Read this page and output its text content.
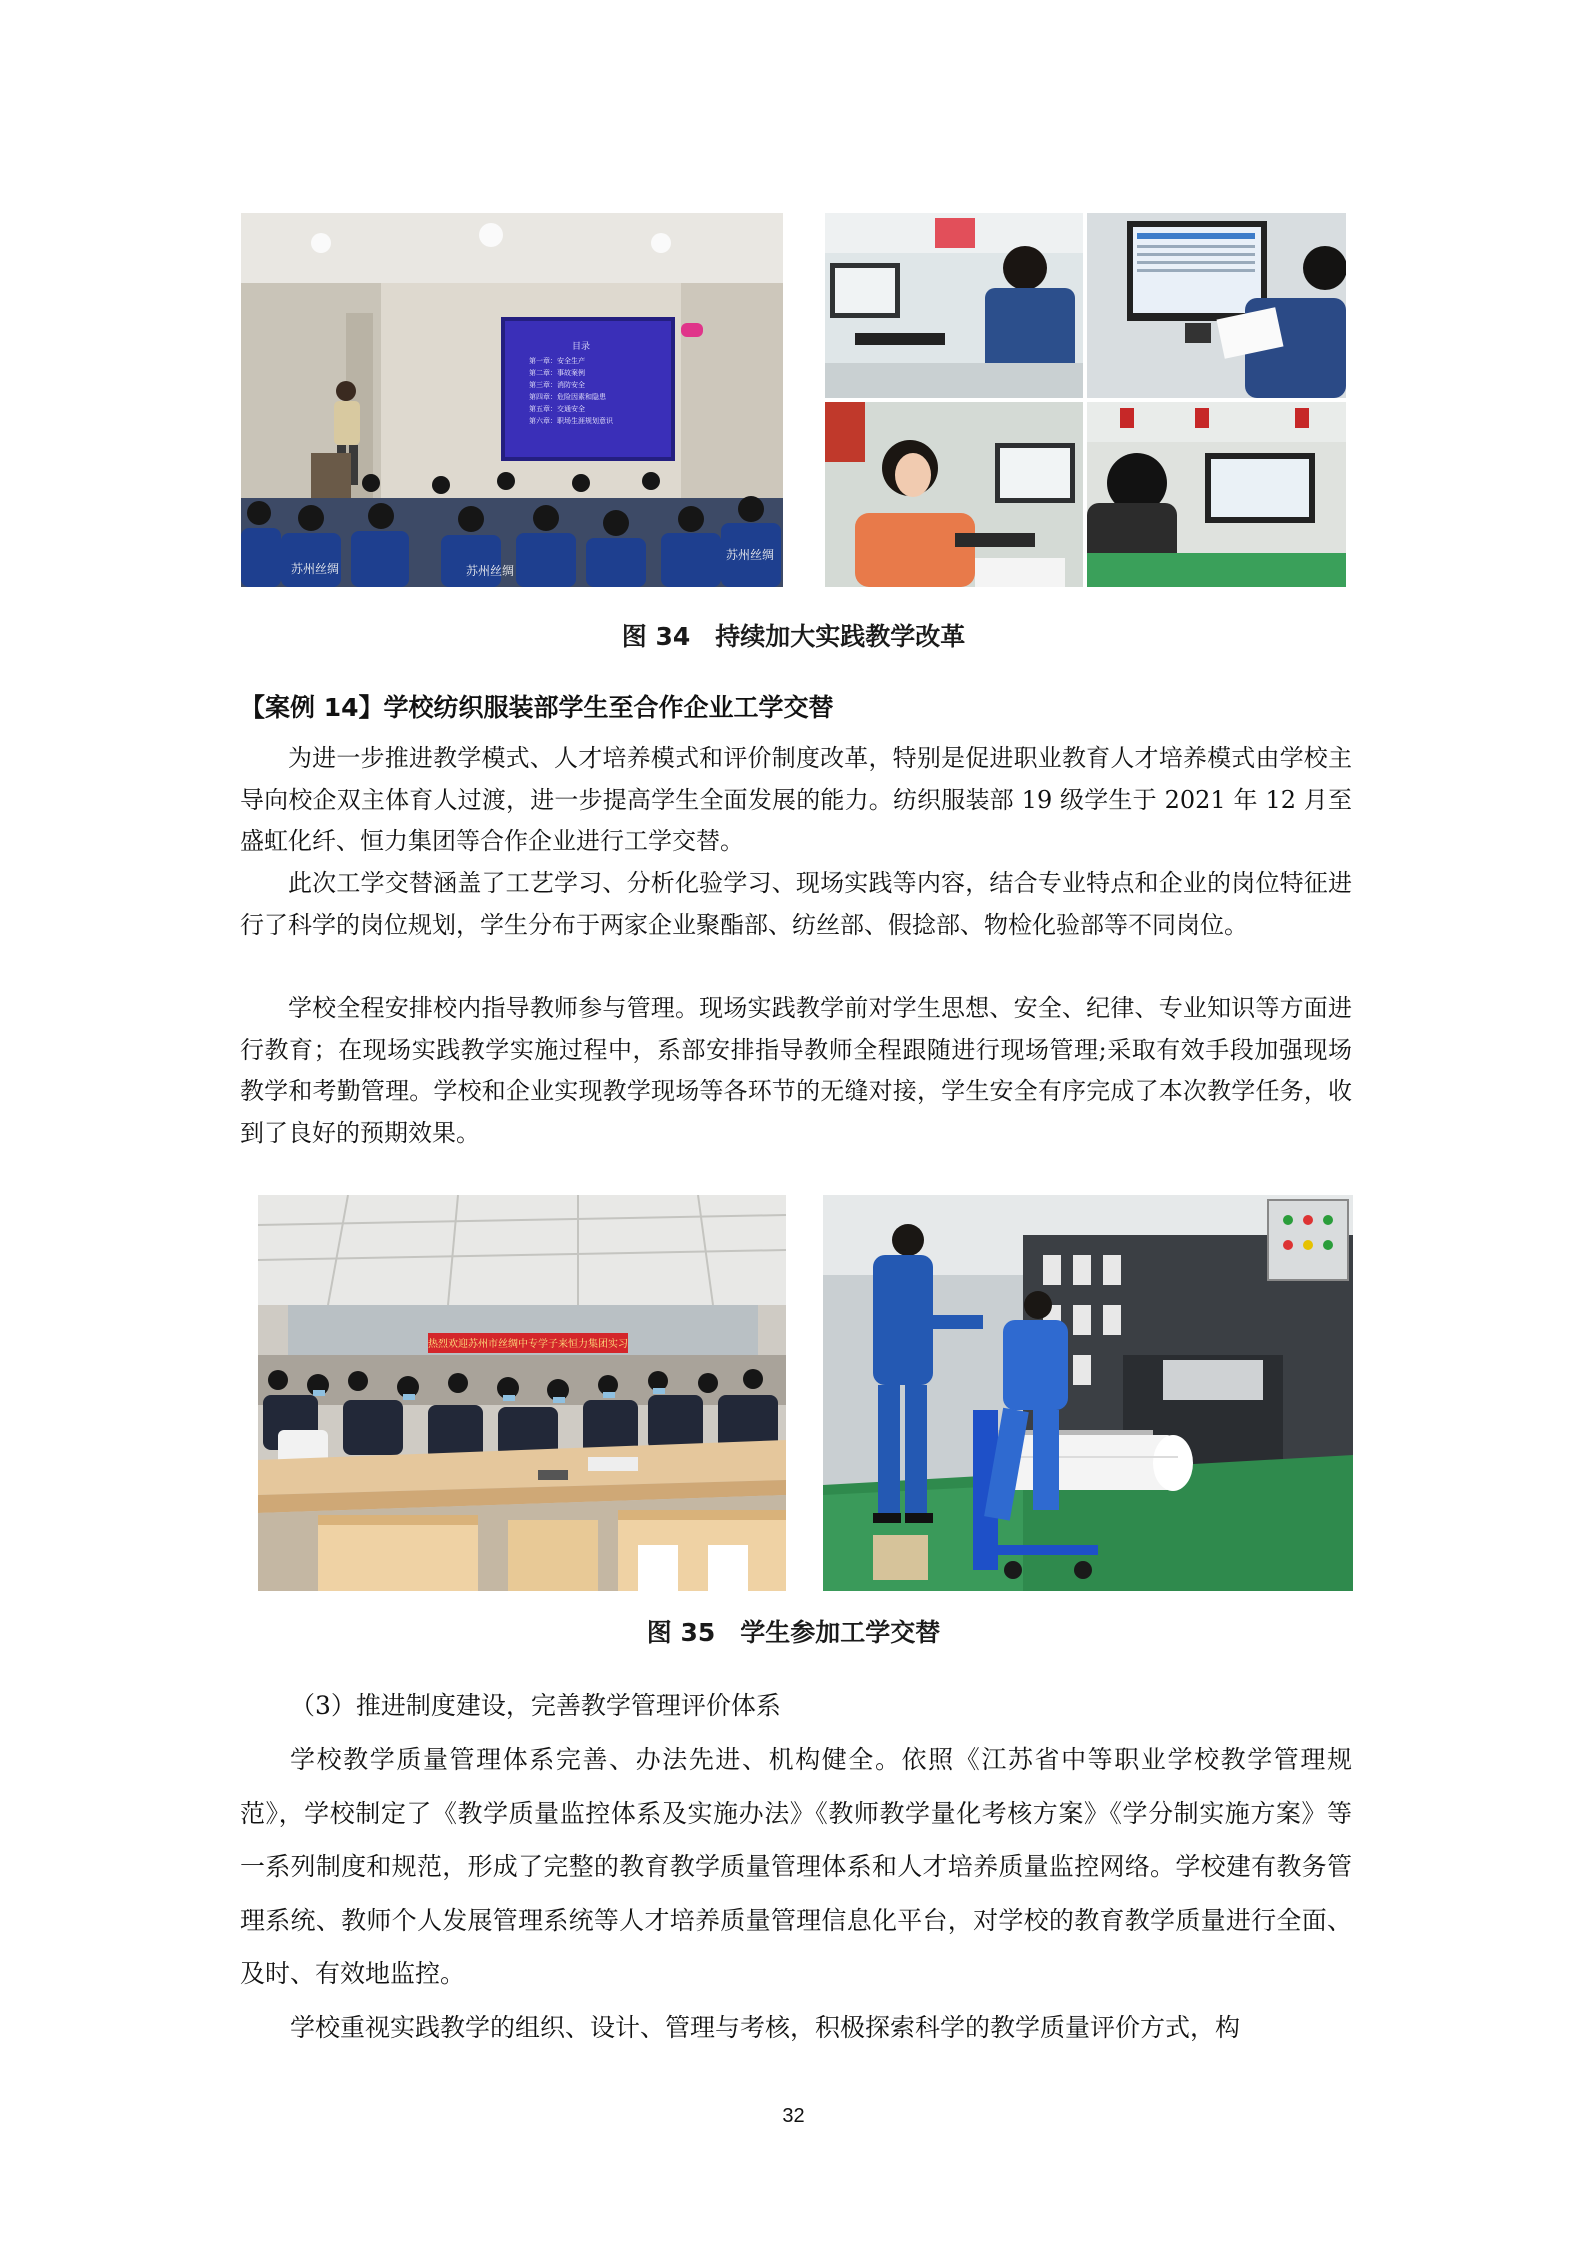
目录
第一章：安全生产
第二章：事故案例
第三章：消防安全
第四章：危险因素和隐患
第五章：交通安全
第六章：职场生涯规划意识
苏州丝绸	苏州丝绸
苏州丝绸
图 34　持续加大实践教学改革
【案例 14】学校纺织服装部学生至合作企业工学交替

为进一步推进教学模式、人才培养模式和评价制度改革，特别是促进职业教育人才培养模式由学校主导向校企双主体育人过渡，进一步提高学生全面发展的能力。纺织服装部 19 级学生于 2021 年 12 月至盛虹化纤、恒力集团等合作企业进行工学交替。

此次工学交替涵盖了工艺学习、分析化验学习、现场实践等内容，结合专业特点和企业的岗位特征进行了科学的岗位规划，学生分布于两家企业聚酯部、纺丝部、假捻部、物检化验部等不同岗位。

学校全程安排校内指导教师参与管理。现场实践教学前对学生思想、安全、纪律、专业知识等方面进行教育；在现场实践教学实施过程中，系部安排指导教师全程跟随进行现场管理;采取有效手段加强现场教学和考勤管理。学校和企业实现教学现场等各环节的无缝对接，学生安全有序完成了本次教学任务，收到了良好的预期效果。

热烈欢迎苏州市丝绸中专学子来恒力集团实习
图 35　学生参加工学交替
（3）推进制度建设，完善教学管理评价体系

学校教学质量管理体系完善、办法先进、机构健全。依照《江苏省中等职业学校教学管理规范》，学校制定了《教学质量监控体系及实施办法》《教师教学量化考核方案》《学分制实施方案》等一系列制度和规范，形成了完整的教育教学质量管理体系和人才培养质量监控网络。学校建有教务管理系统、教师个人发展管理系统等人才培养质量管理信息化平台，对学校的教育教学质量进行全面、及时、有效地监控。

学校重视实践教学的组织、设计、管理与考核，积极探索科学的教学质量评价方式，构

32
